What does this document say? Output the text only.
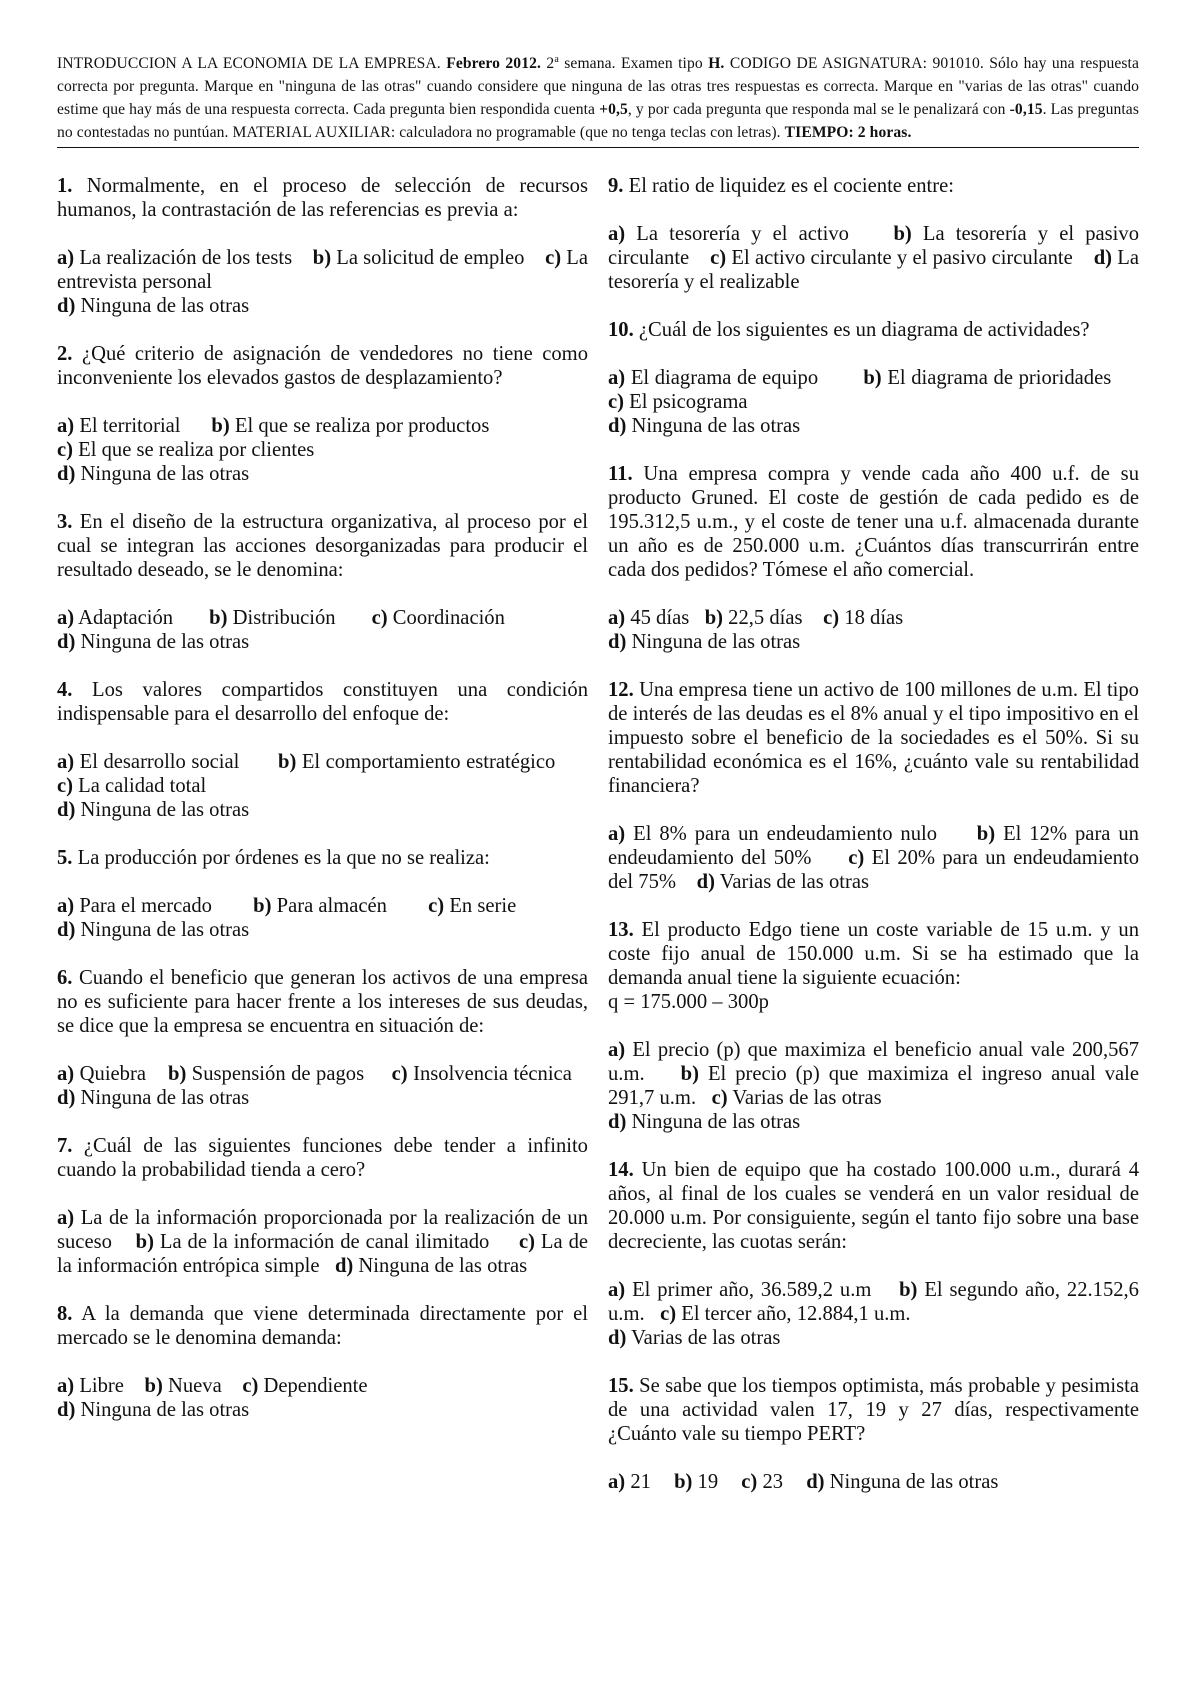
INTRODUCCION A LA ECONOMIA DE LA EMPRESA. Febrero 2012. 2$^a$ semana. Examen tipo H. CODIGO DE ASIGNATURA: 901010. Sólo hay una respuesta correcta por pregunta. Marque en "ninguna de las otras" cuando considere que ninguna de las otras tres respuestas es correcta. Marque en "varias de las otras" cuando estime que hay más de una respuesta correcta. Cada pregunta bien respondida cuenta +0,5, y por cada pregunta que responda mal se le penalizará con -0,15. Las preguntas no contestadas no puntúan. MATERIAL AUXILIAR: calculadora no programable (que no tenga teclas con letras). TIEMPO: 2 horas.
1. Normalmente, en el proceso de selección de recursos humanos, la contrastación de las referencias es previa a:
a) La realización de los tests b) La solicitud de empleo c) La entrevista personal
d) Ninguna de las otras
2. ¿Qué criterio de asignación de vendedores no tiene como inconveniente los elevados gastos de desplazamiento?
a) El territorial b) El que se realiza por productos
c) El que se realiza por clientes
d) Ninguna de las otras
3. En el diseño de la estructura organizativa, al proceso por el cual se integran las acciones desorganizadas para producir el resultado deseado, se le denomina:
a) Adaptación b) Distribución c) Coordinación
d) Ninguna de las otras
4. Los valores compartidos constituyen una condición indispensable para el desarrollo del enfoque de:
a) El desarrollo social b) El comportamiento estratégico       c) La calidad total
d) Ninguna de las otras
5. La producción por órdenes es la que no se realiza:
a) Para el mercado b) Para almacén c) En serie
d) Ninguna de las otras
6. Cuando el beneficio que generan los activos de una empresa no es suficiente para hacer frente a los intereses de sus deudas, se dice que la empresa se encuentra en situación de:
a) Quiebra b) Suspensión de pagos c) Insolvencia técnica    d) Ninguna de las otras
7. ¿Cuál de las siguientes funciones debe tender a infinito cuando la probabilidad tienda a cero?
a) La de la información proporcionada por la realización de un suceso b) La de la información de canal ilimitado c) La de la información entrópica simple d) Ninguna de las otras
8. A la demanda que viene determinada directamente por el mercado se le denomina demanda:
a) Libre b) Nueva c) Dependiente
d) Ninguna de las otras
9. El ratio de liquidez es el cociente entre:
a) La tesorería y el activo b) La tesorería y el pasivo circulante c) El activo circulante y el pasivo circulante d) La tesorería y el realizable
10. ¿Cuál de los siguientes es un diagrama de actividades?
a) El diagrama de equipo b) El diagrama de prioridades      c) El psicograma
d) Ninguna de las otras
11. Una empresa compra y vende cada año 400 u.f. de su producto Gruned. El coste de gestión de cada pedido es de 195.312,5 u.m., y el coste de tener una u.f. almacenada durante un año es de 250.000 u.m. ¿Cuántos días transcurrirán entre cada dos pedidos? Tómese el año comercial.
a) 45 días b) 22,5 días c) 18 días
d) Ninguna de las otras
12. Una empresa tiene un activo de 100 millones de u.m. El tipo de interés de las deudas es el 8% anual y el tipo impositivo en el impuesto sobre el beneficio de la sociedades es el 50%. Si su rentabilidad económica es el 16%, ¿cuánto vale su rentabilidad financiera?
a) El 8% para un endeudamiento nulo b) El 12% para un endeudamiento del 50% c) El 20% para un endeudamiento del 75% d) Varias de las otras
13. El producto Edgo tiene un coste variable de 15 u.m. y un coste fijo anual de 150.000 u.m. Si se ha estimado que la demanda anual tiene la siguiente ecuación:
q = 175.000 – 300p
a) El precio (p) que maximiza el beneficio anual vale 200,567 u.m. b) El precio (p) que maximiza el ingreso anual vale 291,7 u.m. c) Varias de las otras
d) Ninguna de las otras
14. Un bien de equipo que ha costado 100.000 u.m., durará 4 años, al final de los cuales se venderá en un valor residual de 20.000 u.m. Por consiguiente, según el tanto fijo sobre una base decreciente, las cuotas serán:
a) El primer año, 36.589,2 u.m b) El segundo año, 22.152,6 u.m. c) El tercer año, 12.884,1 u.m.
d) Varias de las otras
15. Se sabe que los tiempos optimista, más probable y pesimista de una actividad valen 17, 19 y 27 días, respectivamente ¿Cuánto vale su tiempo PERT?
a) 21 b) 19 c) 23 d) Ninguna de las otras
